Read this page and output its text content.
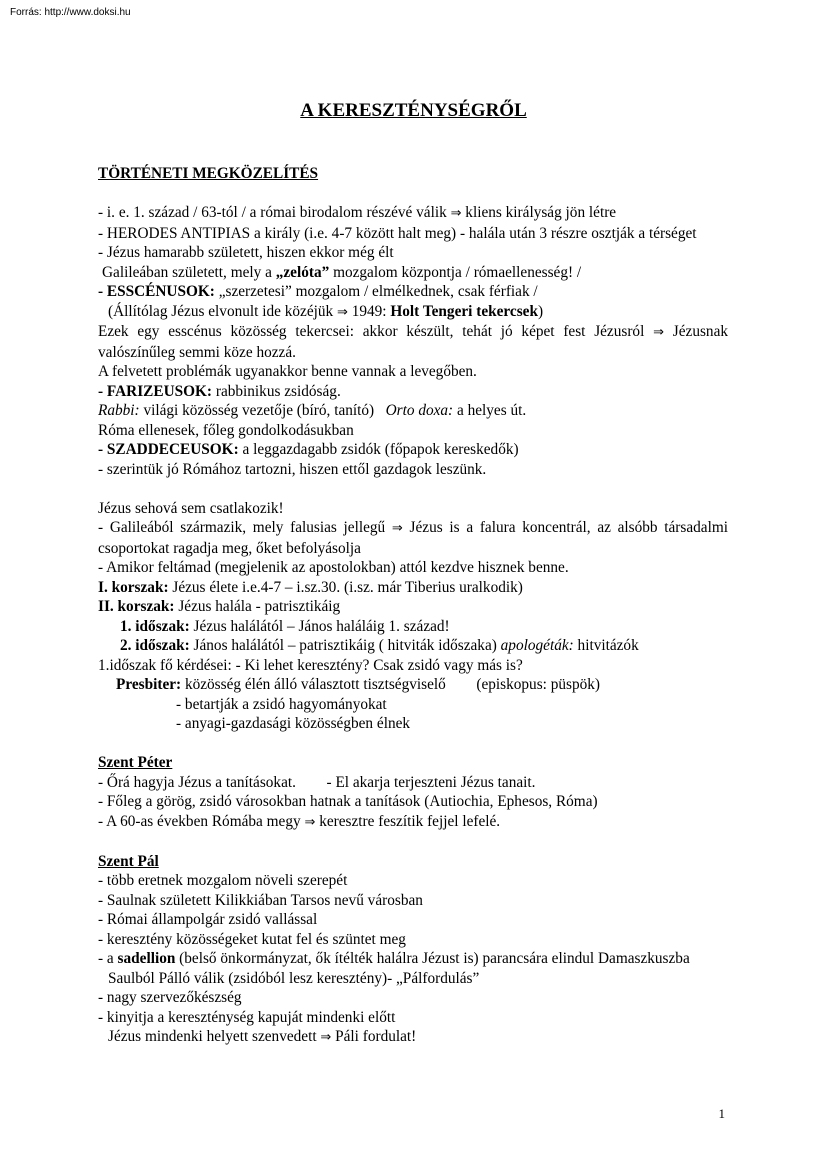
Forrás: http://www.doksi.hu
A KERESZTÉNYSÉGRŐL

TÖRTÉNETI MEGKÖZELÍTÉS

- i. e. 1. század / 63-tól / a római birodalom részévé válik ⇒ kliens királyság jön létre

- HERODES ANTIPIAS a király (i.e. 4-7 között halt meg) - halála után 3 részre osztják a térséget

- Jézus hamarabb született, hiszen ekkor még élt

Galileában született, mely a „zelóta” mozgalom központja / rómaellenesség! /

- ESSCÉNUSOK: „szerzetesi” mozgalom / elmélkednek, csak férfiak /

(Állítólag Jézus elvonult ide közéjük ⇒ 1949: Holt Tengeri tekercsek)

Ezek egy esscénus közösség tekercsei: akkor készült, tehát jó képet fest Jézusról ⇒ Jézusnak valószínűleg semmi köze hozzá.

A felvetett problémák ugyanakkor benne vannak a levegőben.

- FARIZEUSOK: rabbinikus zsidóság.

Rabbi: világi közösség vezetője (bíró, tanító)   Orto doxa: a helyes út.

Róma ellenesek, főleg gondolkodásukban

- SZADDECEUSOK: a leggazdagabb zsidók (főpapok kereskedők)

- szerintük jó Rómához tartozni, hiszen ettől gazdagok leszünk.

Jézus sehová sem csatlakozik!

- Galileából származik, mely falusias jellegű ⇒ Jézus is a falura koncentrál, az alsóbb társadalmi csoportokat ragadja meg, őket befolyásolja

- Amikor feltámad (megjelenik az apostolokban) attól kezdve hisznek benne.

I. korszak: Jézus élete i.e.4-7 – i.sz.30. (i.sz. már Tiberius uralkodik)

II. korszak: Jézus halála - patrisztikáig

1. időszak: Jézus halálától – János haláláig 1. század!

2. időszak: János halálától – patrisztikáig ( hitviták időszaka) apologéták: hitvitázók

1.időszak fő kérdései: - Ki lehet keresztény? Csak zsidó vagy más is?

Presbiter: közösség élén álló választott tisztségviselő        (episkopus: püspök)

- betartják a zsidó hagyományokat

- anyagi-gazdasági közösségben élnek

Szent Péter

- Őrá hagyja Jézus a tanításokat.        - El akarja terjeszteni Jézus tanait.

- Főleg a görög, zsidó városokban hatnak a tanítások (Autiochia, Ephesos, Róma)

- A 60-as években Rómába megy ⇒ keresztre feszítik fejjel lefelé.

Szent Pál

- több eretnek mozgalom növeli szerepét

- Saulnak született Kilikkiában Tarsos nevű városban

- Római állampolgár zsidó vallással

- keresztény közösségeket kutat fel és szüntet meg

- a sadellion (belső önkormányzat, ők ítélték halálra Jézust is) parancsára elindul Damaszkuszba

Saulból Pálló válik (zsidóból lesz keresztény)- „Pálfordulás”

- nagy szervezőkészség

- kinyitja a kereszténység kapuját mindenki előtt

Jézus mindenki helyett szenvedett ⇒ Páli fordulat!

1
